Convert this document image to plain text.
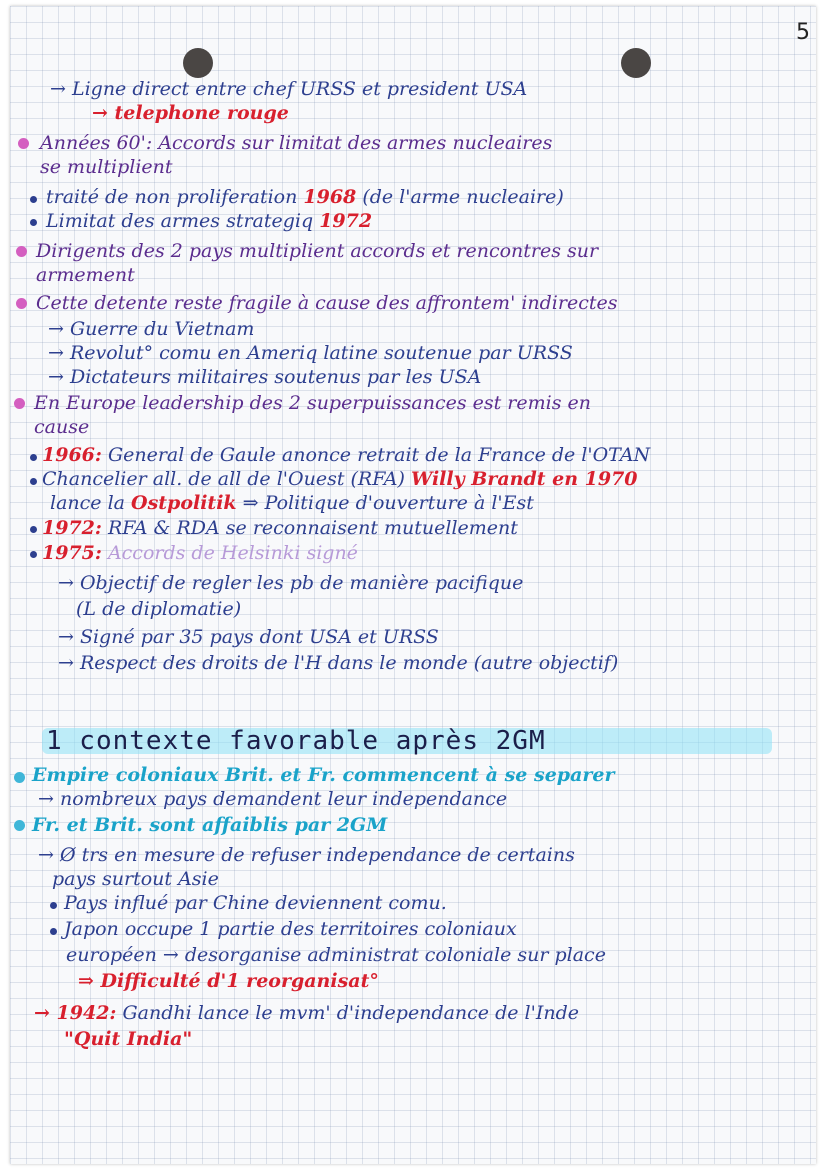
5
→ Ligne direct entre chef URSS et president USA
→ telephone rouge
Années 60': Accords sur limitat des armes nucleaires
se multiplient
traité de non proliferation 1968 (de l'arme nucleaire)
Limitat des armes strategiq 1972
Dirigents des 2 pays multiplient accords et rencontres sur
armement
Cette detente reste fragile à cause des affrontem' indirectes
→ Guerre du Vietnam
→ Revolut° comu en Ameriq latine soutenue par URSS
→ Dictateurs militaires soutenus par les USA
En Europe leadership des 2 superpuissances est remis en
cause
1966: General de Gaule anonce retrait de la France de l'OTAN
Chancelier all. de all de l'Ouest (RFA) Willy Brandt en 1970
lance la Ostpolitik ⇒ Politique d'ouverture à l'Est
1972: RFA & RDA se reconnaisent mutuellement
1975: Accords de Helsinki signé
→ Objectif de regler les pb de manière pacifique
(L de diplomatie)
→ Signé par 35 pays dont USA et URSS
→ Respect des droits de l'H dans le monde (autre objectif)
1 contexte favorable après 2GM
Empire coloniaux Brit. et Fr. commencent à se separer
→ nombreux pays demandent leur independance
Fr. et Brit. sont affaiblis par 2GM
→ Ø trs en mesure de refuser independance de certains
pays surtout Asie
Pays influé par Chine deviennent comu.
Japon occupe 1 partie des territoires coloniaux
européen → desorganise administrat coloniale sur place
⇒ Difficulté d'1 reorganisat°
→ 1942: Gandhi lance le mvm' d'independance de l'Inde
"Quit India"
